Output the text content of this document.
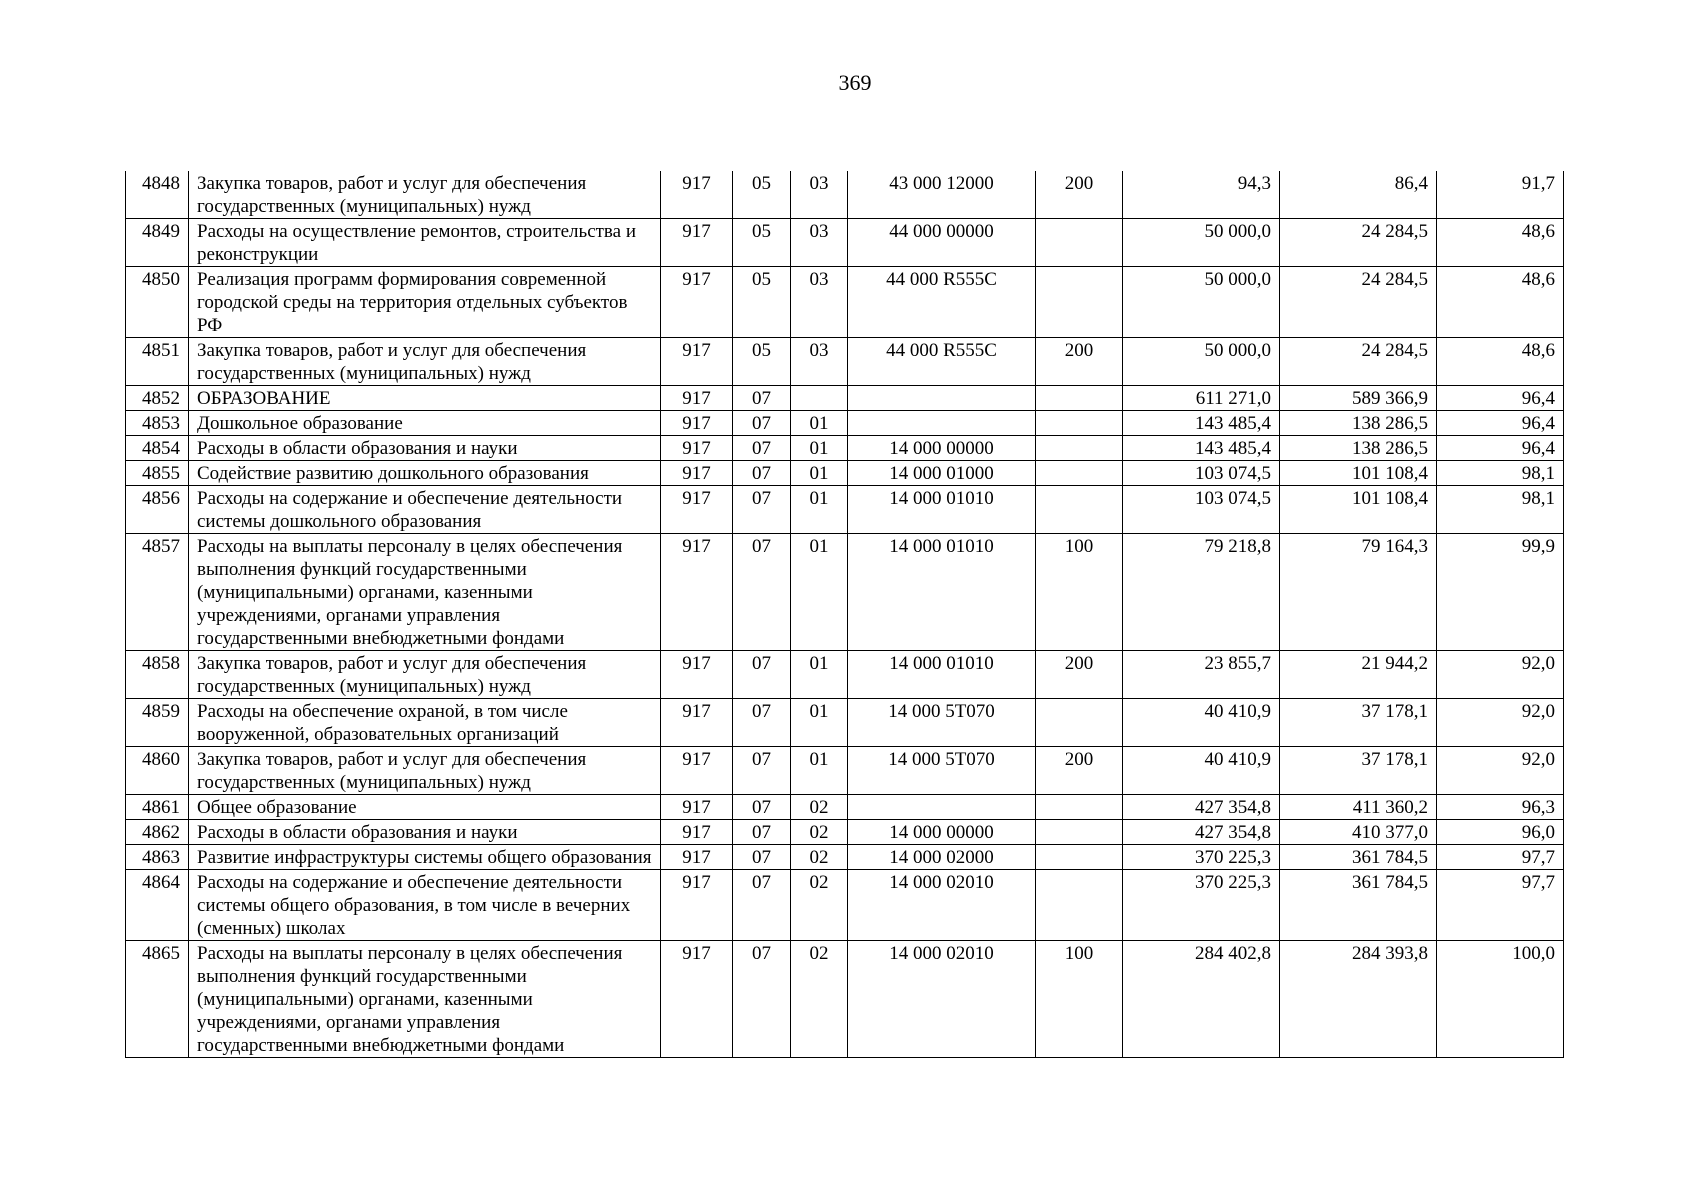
369
4848	Закупка товаров, работ и услуг для обеспечения государственных (муниципальных) нужд	917	05	03	43 000 12000	200	94,3	86,4	91,7
4849	Расходы на осуществление ремонтов, строительства и реконструкции	917	05	03	44 000 00000		50 000,0	24 284,5	48,6
4850	Реализация программ формирования современной городской среды на территория отдельных субъектов РФ	917	05	03	44 000 R555С		50 000,0	24 284,5	48,6
4851	Закупка товаров, работ и услуг для обеспечения государственных (муниципальных) нужд	917	05	03	44 000 R555С	200	50 000,0	24 284,5	48,6
4852	ОБРАЗОВАНИЕ	917	07				611 271,0	589 366,9	96,4
4853	Дошкольное образование	917	07	01			143 485,4	138 286,5	96,4
4854	Расходы в области образования и науки	917	07	01	14 000 00000		143 485,4	138 286,5	96,4
4855	Содействие развитию дошкольного образования	917	07	01	14 000 01000		103 074,5	101 108,4	98,1
4856	Расходы на содержание и обеспечение деятельности системы дошкольного образования	917	07	01	14 000 01010		103 074,5	101 108,4	98,1
4857	Расходы на выплаты персоналу в целях обеспечения выполнения функций государственными (муниципальными) органами, казенными учреждениями, органами управления государственными внебюджетными фондами	917	07	01	14 000 01010	100	79 218,8	79 164,3	99,9
4858	Закупка товаров, работ и услуг для обеспечения государственных (муниципальных) нужд	917	07	01	14 000 01010	200	23 855,7	21 944,2	92,0
4859	Расходы на обеспечение охраной, в том числе вооруженной, образовательных организаций	917	07	01	14 000 5Т070		40 410,9	37 178,1	92,0
4860	Закупка товаров, работ и услуг для обеспечения государственных (муниципальных) нужд	917	07	01	14 000 5Т070	200	40 410,9	37 178,1	92,0
4861	Общее образование	917	07	02			427 354,8	411 360,2	96,3
4862	Расходы в области образования и науки	917	07	02	14 000 00000		427 354,8	410 377,0	96,0
4863	Развитие инфраструктуры системы общего образования	917	07	02	14 000 02000		370 225,3	361 784,5	97,7
4864	Расходы на содержание и обеспечение деятельности системы общего образования, в том числе в вечерних (сменных) школах	917	07	02	14 000 02010		370 225,3	361 784,5	97,7
4865	Расходы на выплаты персоналу в целях обеспечения выполнения функций государственными (муниципальными) органами, казенными учреждениями, органами управления государственными внебюджетными фондами	917	07	02	14 000 02010	100	284 402,8	284 393,8	100,0
